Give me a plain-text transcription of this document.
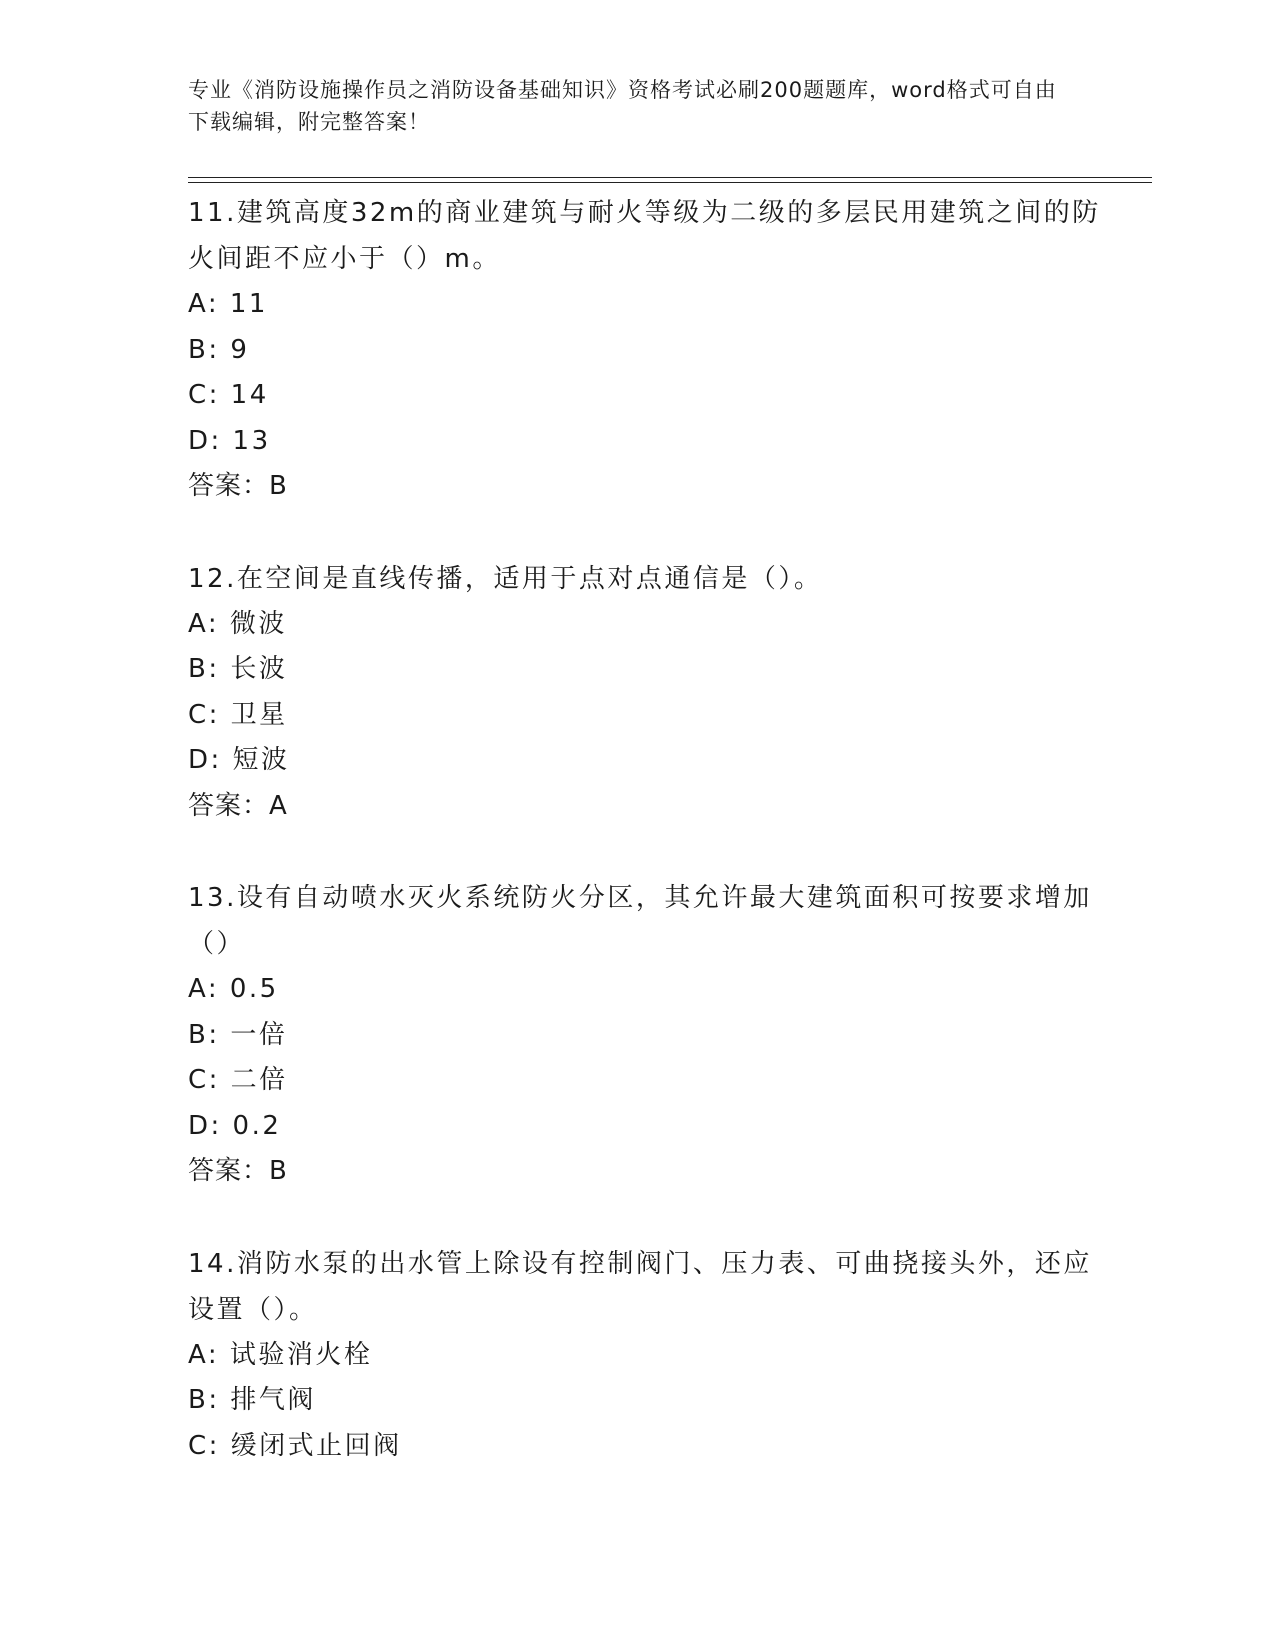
专业《消防设施操作员之消防设备基础知识》资格考试必刷200题题库，word格式可自由下载编辑，附完整答案！

11.建筑高度32m的商业建筑与耐火等级为二级的多层民用建筑之间的防火间距不应小于（）m。

A: 11

B: 9

C: 14

D: 13

答案：B

12.在空间是直线传播，适用于点对点通信是（）。

A: 微波

B: 长波

C: 卫星

D: 短波

答案：A

13.设有自动喷水灭火系统防火分区，其允许最大建筑面积可按要求增加（）

A: 0.5

B: 一倍

C: 二倍

D: 0.2

答案：B

14.消防水泵的出水管上除设有控制阀门、压力表、可曲挠接头外，还应设置（）。

A: 试验消火栓

B: 排气阀

C: 缓闭式止回阀
